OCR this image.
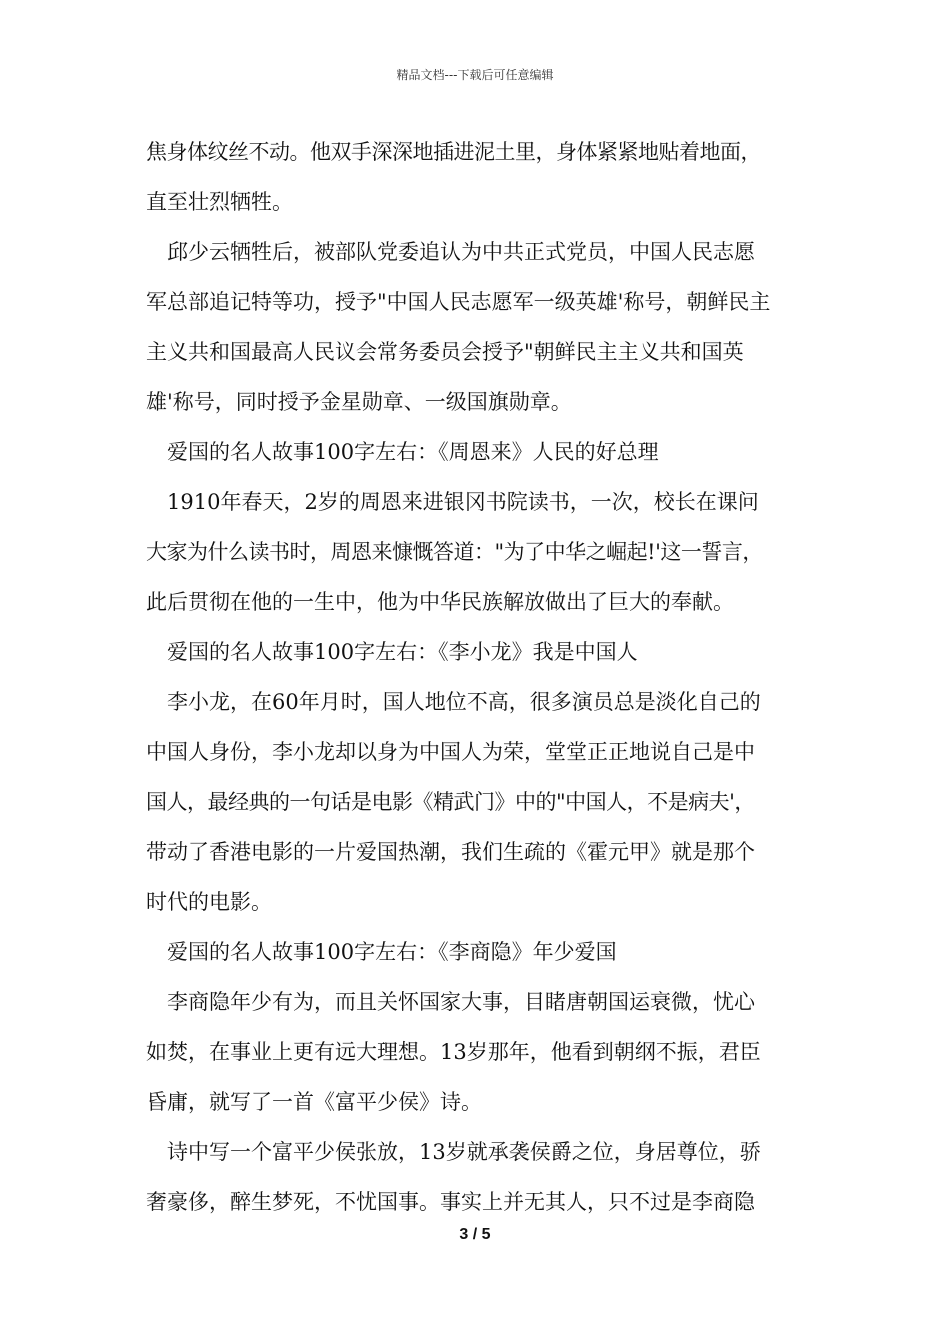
精品文档---下载后可任意编辑
焦身体纹丝不动。他双手深深地插进泥土里，身体紧紧地贴着地面，
直至壮烈牺牲。
邱少云牺牲后，被部队党委追认为中共正式党员，中国人民志愿
军总部追记特等功，授予"中国人民志愿军一级英雄'称号，朝鲜民主
主义共和国最高人民议会常务委员会授予"朝鲜民主主义共和国英
雄'称号，同时授予金星勋章、一级国旗勋章。
爱国的名人故事100字左右：《周恩来》人民的好总理
1910年春天，2岁的周恩来进银冈书院读书，一次，校长在课问
大家为什么读书时，周恩来慷慨答道："为了中华之崛起!'这一誓言，
此后贯彻在他的一生中，他为中华民族解放做出了巨大的奉献。
爱国的名人故事100字左右：《李小龙》我是中国人
李小龙，在60年月时，国人地位不高，很多演员总是淡化自己的
中国人身份，李小龙却以身为中国人为荣，堂堂正正地说自己是中
国人，最经典的一句话是电影《精武门》中的"中国人，不是病夫'，
带动了香港电影的一片爱国热潮，我们生疏的《霍元甲》就是那个
时代的电影。
爱国的名人故事100字左右：《李商隐》年少爱国
李商隐年少有为，而且关怀国家大事，目睹唐朝国运衰微，忧心
如焚，在事业上更有远大理想。13岁那年，他看到朝纲不振，君臣
昏庸，就写了一首《富平少侯》诗。
诗中写一个富平少侯张放，13岁就承袭侯爵之位，身居尊位，骄
奢豪侈，醉生梦死，不忧国事。事实上并无其人，只不过是李商隐
3 / 5
